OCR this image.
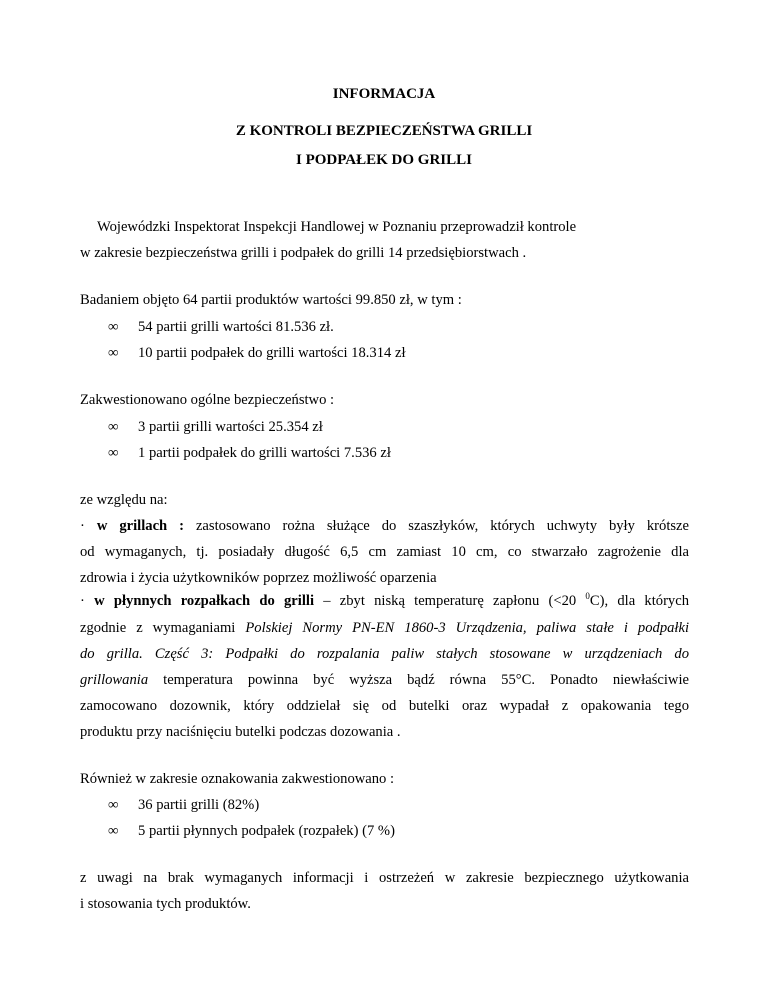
INFORMACJA
Z KONTROLI BEZPIECZEŃSTWA GRILLI
I PODPAŁEK DO GRILLI
Wojewódzki Inspektorat Inspekcji Handlowej w Poznaniu przeprowadził kontrole
w zakresie bezpieczeństwa grilli i podpałek do grilli 14 przedsiębiorstwach .
Badaniem objęto 64 partii produktów wartości 99.850 zł, w tym :
∞ 54 partii grilli wartości 81.536 zł.
∞ 10 partii podpałek do grilli wartości 18.314 zł
Zakwestionowano ogólne bezpieczeństwo :
∞ 3 partii grilli wartości 25.354 zł
∞ 1 partii podpałek do grilli wartości 7.536 zł
ze względu na:
· w grillach : zastosowano rożna służące do szaszłyków, których uchwyty były krótsze
od wymaganych, tj. posiadały długość 6,5 cm zamiast 10 cm, co stwarzało zagrożenie dla
zdrowia i życia użytkowników poprzez możliwość oparzenia
· w płynnych rozpałkach do grilli – zbyt niską temperaturę zapłonu (<20 $^0$C), dla których
zgodnie z wymaganiami Polskiej Normy PN-EN 1860-3 Urządzenia, paliwa stałe i podpałki
do grilla. Część 3: Podpałki do rozpalania paliw stałych stosowane w urządzeniach do
grillowania temperatura powinna być wyższa bądź równa 55°C. Ponadto niewłaściwie
zamocowano dozownik, który oddzielał się od butelki oraz wypadał z opakowania tego
produktu przy naciśnięciu butelki podczas dozowania .
Również w zakresie oznakowania zakwestionowano :
∞ 36 partii grilli (82%)
∞ 5 partii płynnych podpałek (rozpałek) (7 %)
z uwagi na brak wymaganych informacji i ostrzeżeń w zakresie bezpiecznego użytkowania
i stosowania tych produktów.
